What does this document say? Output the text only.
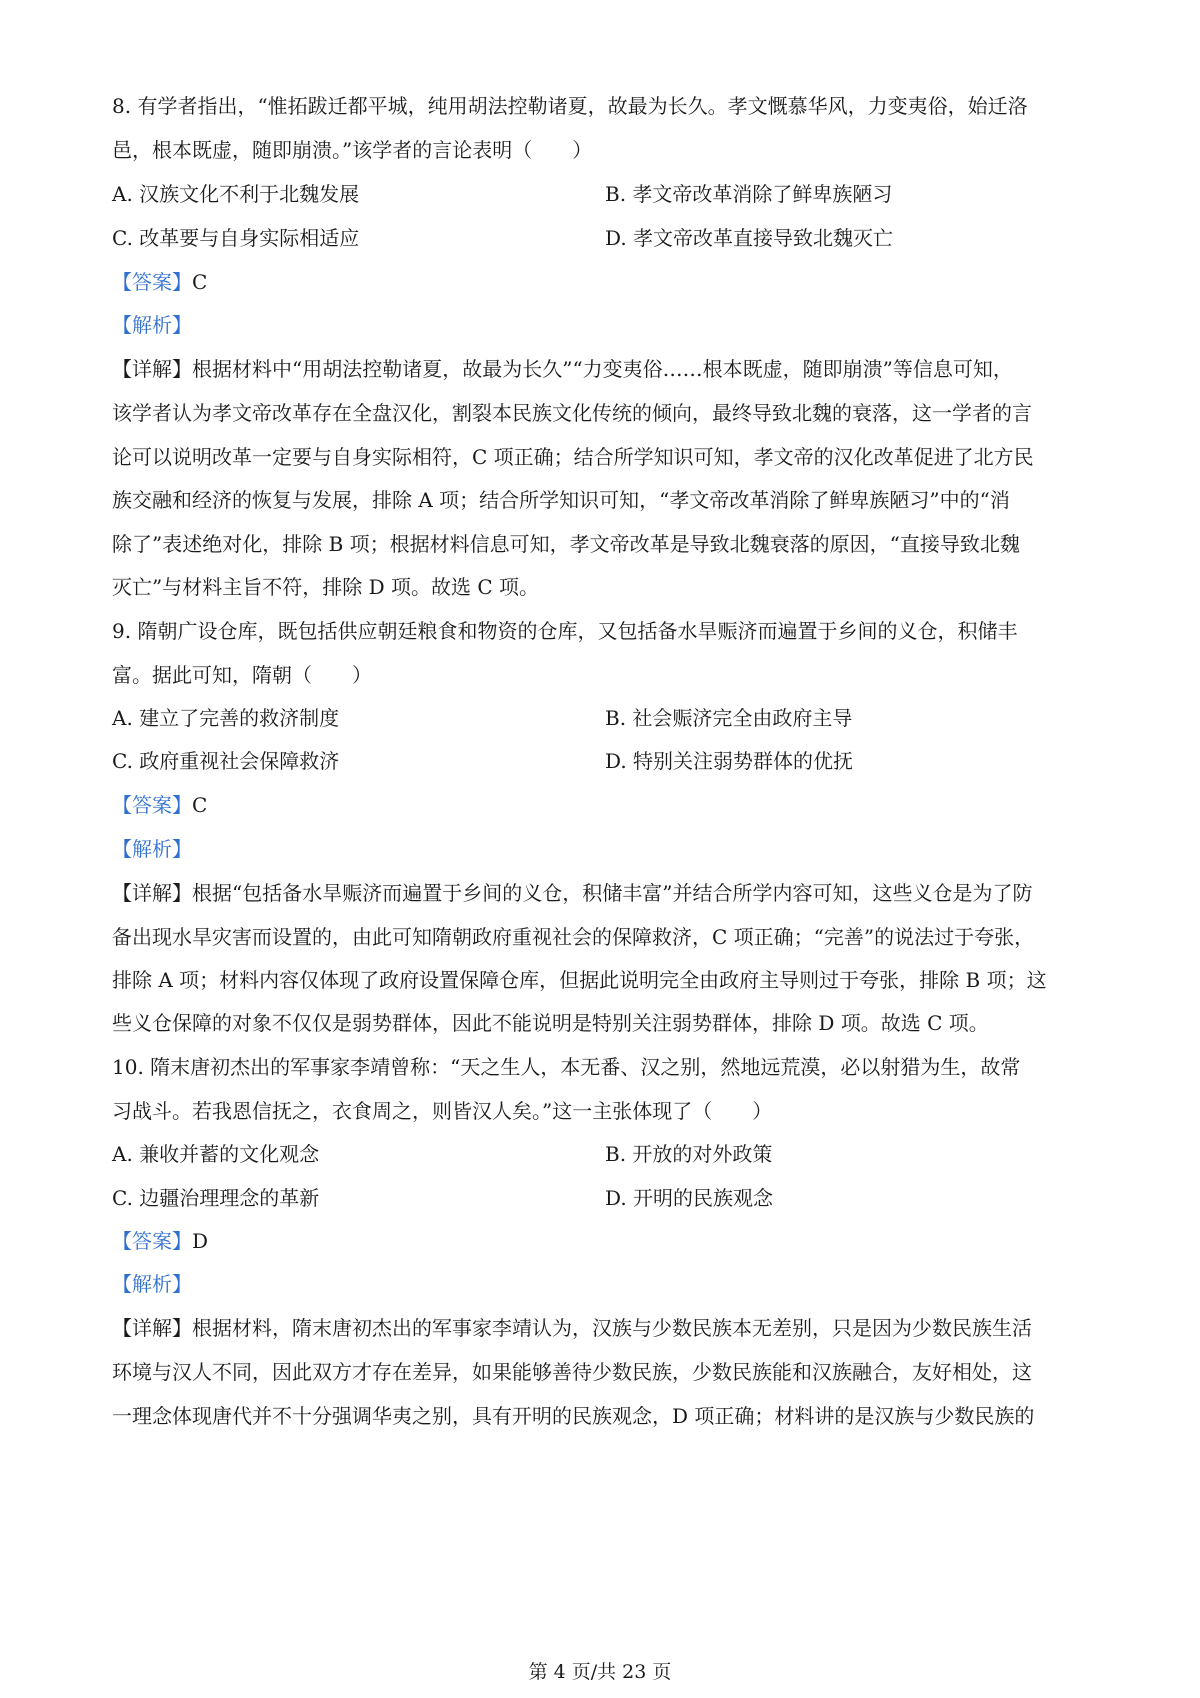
8. 有学者指出，“惟拓跋迁都平城，纯用胡法控勒诸夏，故最为长久。孝文慨慕华风，力变夷俗，始迁洛
邑，根本既虚，随即崩溃。”该学者的言论表明（　　）
A. 汉族文化不利于北魏发展	B. 孝文帝改革消除了鲜卑族陋习
C. 改革要与自身实际相适应	D. 孝文帝改革直接导致北魏灭亡
【答案】C
【解析】
【详解】根据材料中“用胡法控勒诸夏，故最为长久”“力变夷俗……根本既虚，随即崩溃”等信息可知，
该学者认为孝文帝改革存在全盘汉化，割裂本民族文化传统的倾向，最终导致北魏的衰落，这一学者的言
论可以说明改革一定要与自身实际相符，C 项正确；结合所学知识可知，孝文帝的汉化改革促进了北方民
族交融和经济的恢复与发展，排除 A 项；结合所学知识可知，“孝文帝改革消除了鲜卑族陋习”中的“消
除了”表述绝对化，排除 B 项；根据材料信息可知，孝文帝改革是导致北魏衰落的原因，“直接导致北魏
灭亡”与材料主旨不符，排除 D 项。故选 C 项。
9. 隋朝广设仓库，既包括供应朝廷粮食和物资的仓库，又包括备水旱赈济而遍置于乡间的义仓，积储丰
富。据此可知，隋朝（　　）
A. 建立了完善的救济制度	B. 社会赈济完全由政府主导
C. 政府重视社会保障救济	D. 特别关注弱势群体的优抚
【答案】C
【解析】
【详解】根据“包括备水旱赈济而遍置于乡间的义仓，积储丰富”并结合所学内容可知，这些义仓是为了防
备出现水旱灾害而设置的，由此可知隋朝政府重视社会的保障救济，C 项正确；“完善”的说法过于夸张，
排除 A 项；材料内容仅体现了政府设置保障仓库，但据此说明完全由政府主导则过于夸张，排除 B 项；这
些义仓保障的对象不仅仅是弱势群体，因此不能说明是特别关注弱势群体，排除 D 项。故选 C 项。
10. 隋末唐初杰出的军事家李靖曾称：“天之生人，本无番、汉之别，然地远荒漠，必以射猎为生，故常
习战斗。若我恩信抚之，衣食周之，则皆汉人矣。”这一主张体现了（　　）
A. 兼收并蓄的文化观念	B. 开放的对外政策
C. 边疆治理理念的革新	D. 开明的民族观念
【答案】D
【解析】
【详解】根据材料，隋末唐初杰出的军事家李靖认为，汉族与少数民族本无差别，只是因为少数民族生活
环境与汉人不同，因此双方才存在差异，如果能够善待少数民族，少数民族能和汉族融合，友好相处，这
一理念体现唐代并不十分强调华夷之别，具有开明的民族观念，D 项正确；材料讲的是汉族与少数民族的
第 4 页/共 23 页
